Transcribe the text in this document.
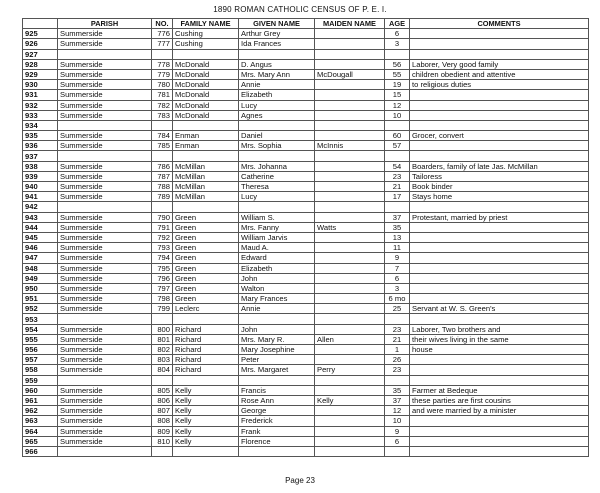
1890 ROMAN CATHOLIC CENSUS OF P. E. I.
	PARISH	NO.	FAMILY NAME	GIVEN NAME	MAIDEN NAME	AGE	COMMENTS
925	Summerside	776	Cushing	Arthur Grey		6	
926	Summerside	777	Cushing	Ida Frances		3	
927							
928	Summerside	778	McDonald	D. Angus		56	Laborer, Very good family
929	Summerside	779	McDonald	Mrs. Mary Ann	McDougall	55	children obedient and attentive
930	Summerside	780	McDonald	Annie		19	to religious duties
931	Summerside	781	McDonald	Elizabeth		15	
932	Summerside	782	McDonald	Lucy		12	
933	Summerside	783	McDonald	Agnes		10	
934							
935	Summerside	784	Enman	Daniel		60	Grocer, convert
936	Summerside	785	Enman	Mrs. Sophia	McInnis	57	
937							
938	Summerside	786	McMillan	Mrs. Johanna		54	Boarders, family of late Jas. McMillan
939	Summerside	787	McMillan	Catherine		23	Tailoress
940	Summerside	788	McMillan	Theresa		21	Book binder
941	Summerside	789	McMillan	Lucy		17	Stays home
942							
943	Summerside	790	Green	William S.		37	Protestant, married by priest
944	Summerside	791	Green	Mrs. Fanny	Watts	35	
945	Summerside	792	Green	William Jarvis		13	
946	Summerside	793	Green	Maud A.		11	
947	Summerside	794	Green	Edward		9	
948	Summerside	795	Green	Elizabeth		7	
949	Summerside	796	Green	John		6	
950	Summerside	797	Green	Walton		3	
951	Summerside	798	Green	Mary Frances		6 mo	
952	Summerside	799	Leclerc	Annie		25	Servant at W. S. Green's
953							
954	Summerside	800	Richard	John		23	Laborer, Two brothers and
955	Summerside	801	Richard	Mrs. Mary R.	Allen	21	their wives living in the same
956	Summerside	802	Richard	Mary Josephine		1	house
957	Summerside	803	Richard	Peter		26	
958	Summerside	804	Richard	Mrs. Margaret	Perry	23	
959							
960	Summerside	805	Kelly	Francis		35	Farmer at Bedeque
961	Summerside	806	Kelly	Rose Ann	Kelly	37	these parties are first cousins
962	Summerside	807	Kelly	George		12	and were married by a minister
963	Summerside	808	Kelly	Frederick		10	
964	Summerside	809	Kelly	Frank		9	
965	Summerside	810	Kelly	Florence		6	
966							
Page 23
